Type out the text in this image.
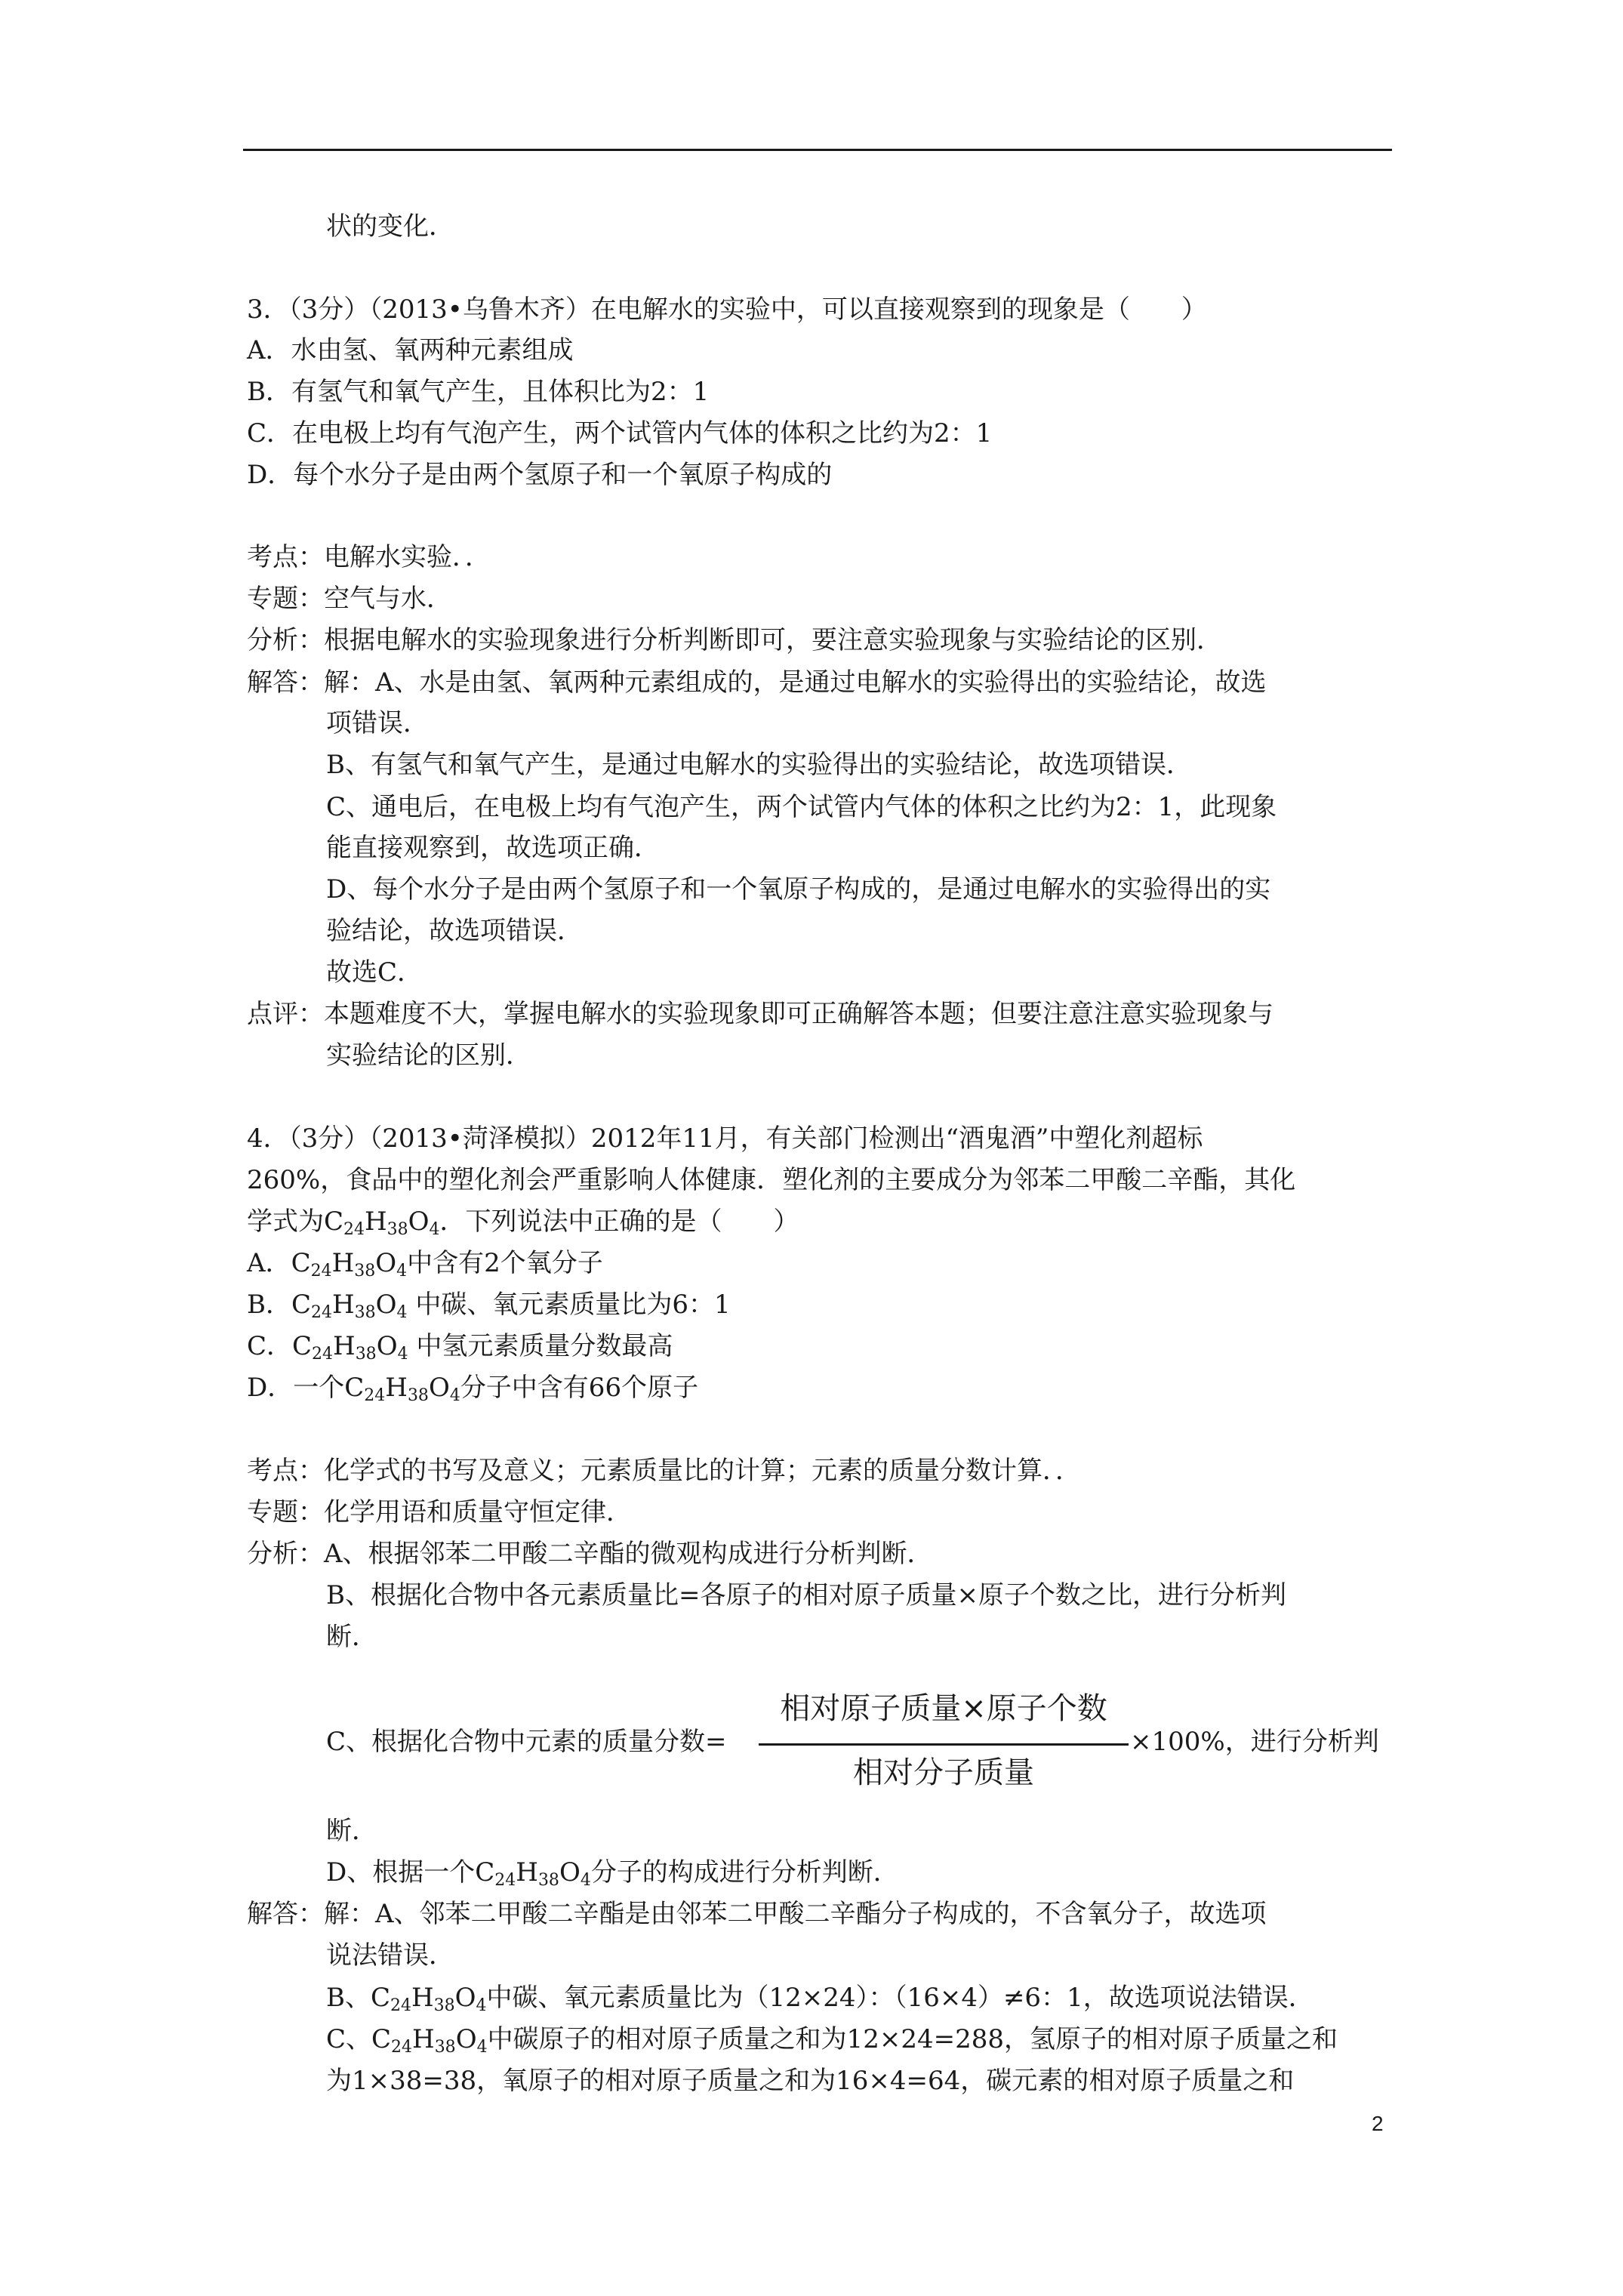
状的变化．
3．（3分）（2013•乌鲁木齐）在电解水的实验中，可以直接观察到的现象是（　　）
A．水由氢、氧两种元素组成
B．有氢气和氧气产生，且体积比为2：1
C．在电极上均有气泡产生，两个试管内气体的体积之比约为2：1
D．每个水分子是由两个氢原子和一个氧原子构成的
考点：电解水实验．．
专题：空气与水．
分析：根据电解水的实验现象进行分析判断即可，要注意实验现象与实验结论的区别．
解答：解：A、水是由氢、氧两种元素组成的，是通过电解水的实验得出的实验结论，故选
项错误．
B、有氢气和氧气产生，是通过电解水的实验得出的实验结论，故选项错误．
C、通电后，在电极上均有气泡产生，两个试管内气体的体积之比约为2：1，此现象
能直接观察到，故选项正确．
D、每个水分子是由两个氢原子和一个氧原子构成的，是通过电解水的实验得出的实
验结论，故选项错误．
故选C．
点评：本题难度不大，掌握电解水的实验现象即可正确解答本题；但要注意注意实验现象与
实验结论的区别．
4．（3分）（2013•菏泽模拟）2012年11月，有关部门检测出“酒鬼酒”中塑化剂超标
260%，食品中的塑化剂会严重影响人体健康．塑化剂的主要成分为邻苯二甲酸二辛酯，其化
学式为$C_{24}H_{38}O_4$．下列说法中正确的是（　　）
A．$C_{24}H_{38}O_4$中含有2个氧分子
B．$C_{24}H_{38}O_4$ 中碳、氧元素质量比为6：1
C．$C_{24}H_{38}O_4$ 中氢元素质量分数最高
D．一个$C_{24}H_{38}O_4$分子中含有66个原子
考点：化学式的书写及意义；元素质量比的计算；元素的质量分数计算．．
专题：化学用语和质量守恒定律．
分析：A、根据邻苯二甲酸二辛酯的微观构成进行分析判断．
B、根据化合物中各元素质量比=各原子的相对原子质量×原子个数之比，进行分析判
断．
C、根据化合物中元素的质量分数=
相对原子质量×原子个数
相对分子质量
×100%，进行分析判
断．
D、根据一个$C_{24}H_{38}O_4$分子的构成进行分析判断．
解答：解：A、邻苯二甲酸二辛酯是由邻苯二甲酸二辛酯分子构成的，不含氧分子，故选项
说法错误．
B、$C_{24}H_{38}O_4$中碳、氧元素质量比为（12×24）：（16×4）≠6：1，故选项说法错误．
C、$C_{24}H_{38}O_4$中碳原子的相对原子质量之和为12×24=288，氢原子的相对原子质量之和
为1×38=38，氧原子的相对原子质量之和为16×4=64，碳元素的相对原子质量之和
2
